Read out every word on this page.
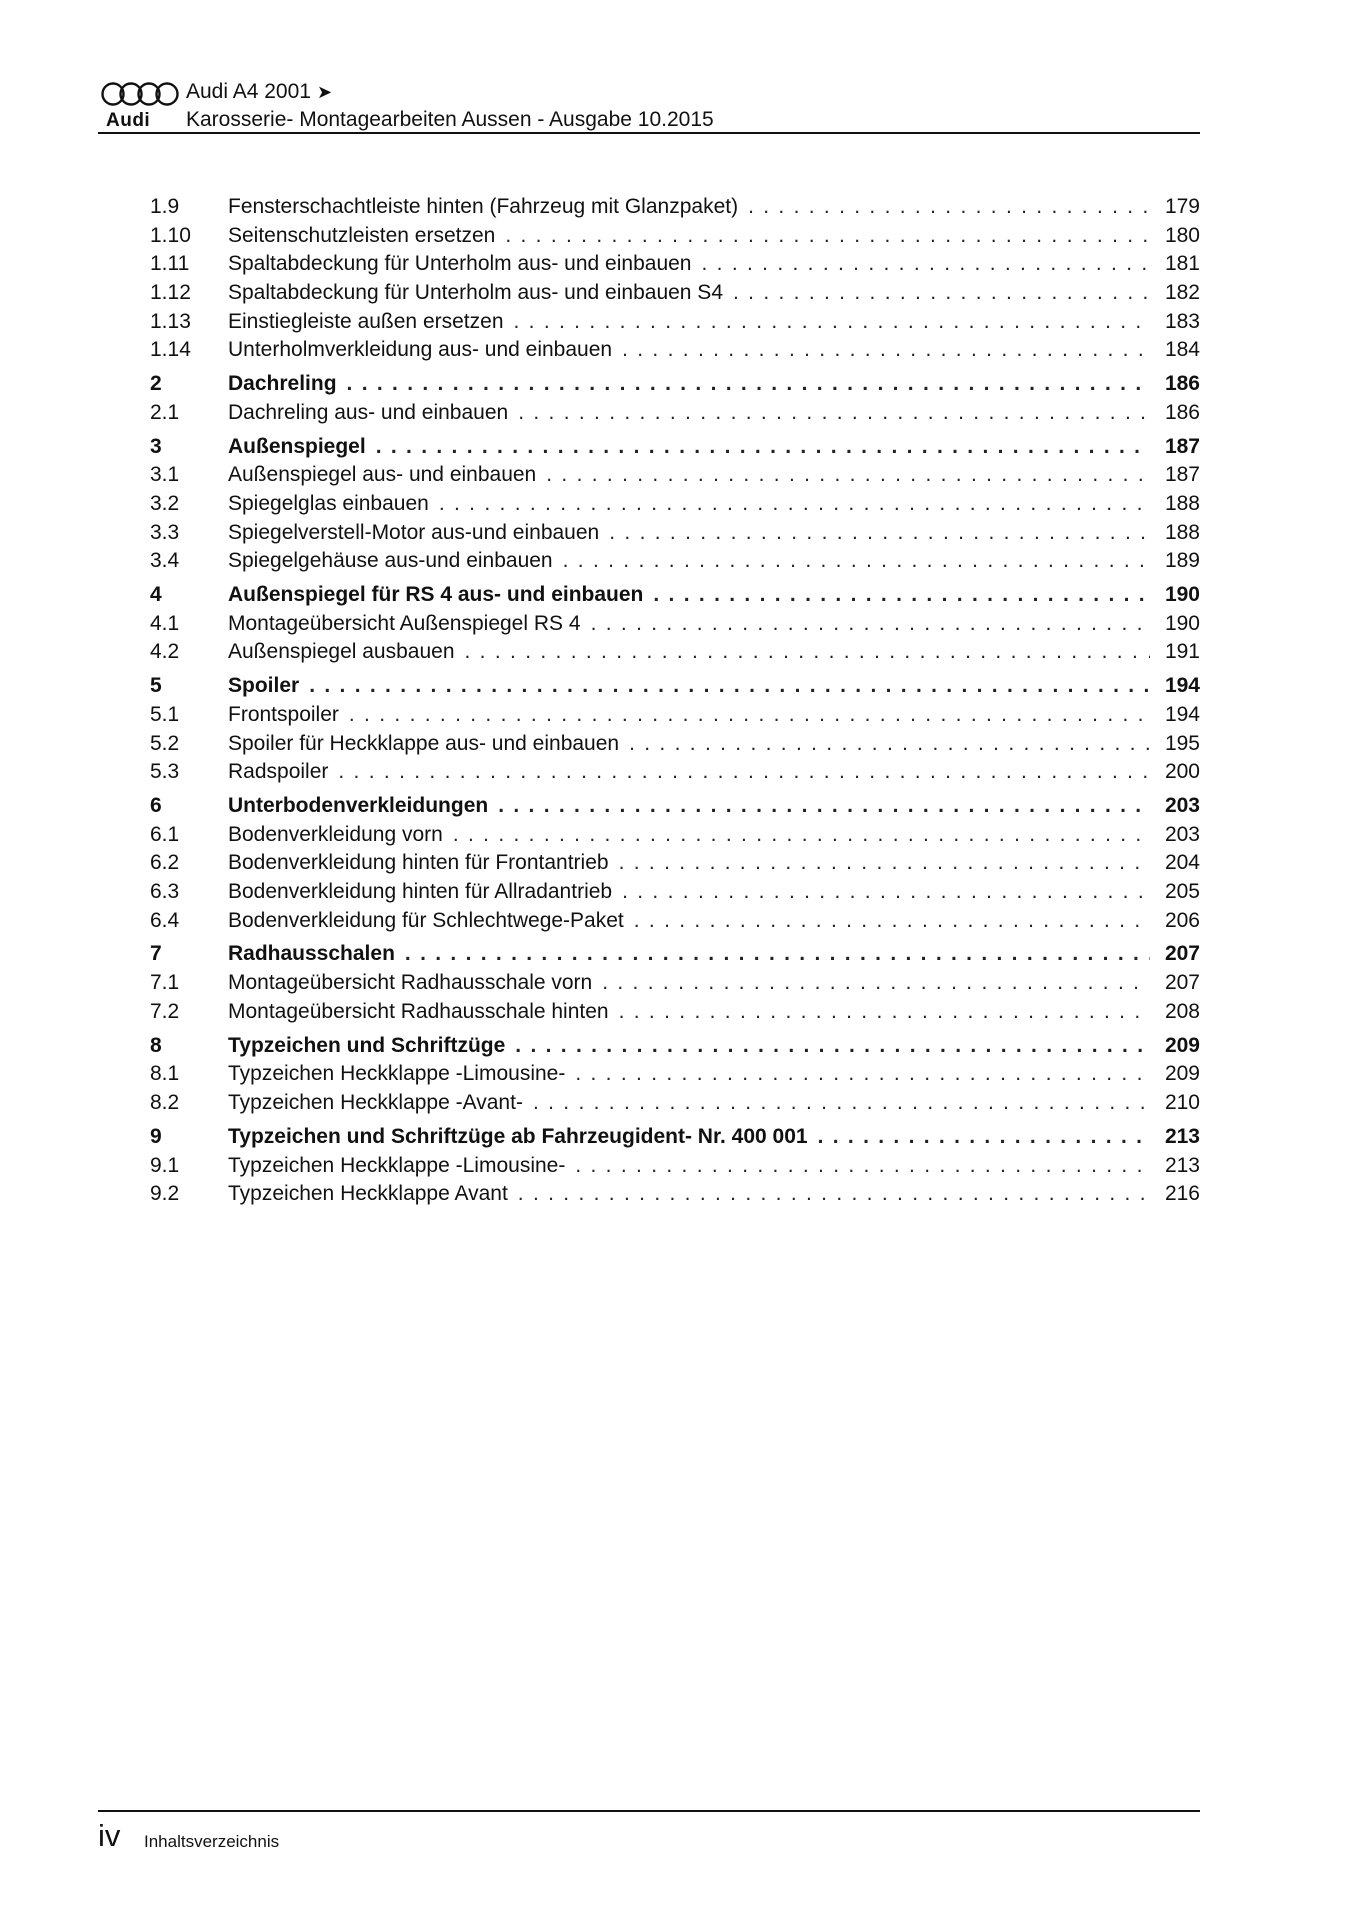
Audi
Audi A4 2001 ➤
Karosserie- Montagearbeiten Aussen - Ausgabe 10.2015
1.9	Fensterschachtleiste hinten (Fahrzeug mit Glanzpaket) . . .	179
1.10	Seitenschutzleisten ersetzen . . .	180
1.11	Spaltabdeckung für Unterholm aus- und einbauen . . .	181
1.12	Spaltabdeckung für Unterholm aus- und einbauen S4 . . .	182
1.13	Einstiegleiste außen ersetzen . . .	183
1.14	Unterholmverkleidung aus- und einbauen . . .	184
2	Dachreling . . .	186
2.1	Dachreling aus- und einbauen . . .	186
3	Außenspiegel . . .	187
3.1	Außenspiegel aus- und einbauen . . .	187
3.2	Spiegelglas einbauen . . .	188
3.3	Spiegelverstell-Motor aus-und einbauen . . .	188
3.4	Spiegelgehäuse aus-und einbauen . . .	189
4	Außenspiegel für RS 4 aus- und einbauen . . .	190
4.1	Montageübersicht Außenspiegel RS 4 . . .	190
4.2	Außenspiegel ausbauen . . .	191
5	Spoiler . . .	194
5.1	Frontspoiler . . .	194
5.2	Spoiler für Heckklappe aus- und einbauen . . .	195
5.3	Radspoiler . . .	200
6	Unterbodenverkleidungen . . .	203
6.1	Bodenverkleidung vorn . . .	203
6.2	Bodenverkleidung hinten für Frontantrieb . . .	204
6.3	Bodenverkleidung hinten für Allradantrieb . . .	205
6.4	Bodenverkleidung für Schlechtwege-Paket . . .	206
7	Radhausschalen . . .	207
7.1	Montageübersicht Radhausschale vorn . . .	207
7.2	Montageübersicht Radhausschale hinten . . .	208
8	Typzeichen und Schriftzüge . . .	209
8.1	Typzeichen Heckklappe -Limousine- . . .	209
8.2	Typzeichen Heckklappe -Avant- . . .	210
9	Typzeichen und Schriftzüge ab Fahrzeugident- Nr. 400 001 . . .	213
9.1	Typzeichen Heckklappe -Limousine- . . .	213
9.2	Typzeichen Heckklappe Avant . . .	216
iv Inhaltsverzeichnis
